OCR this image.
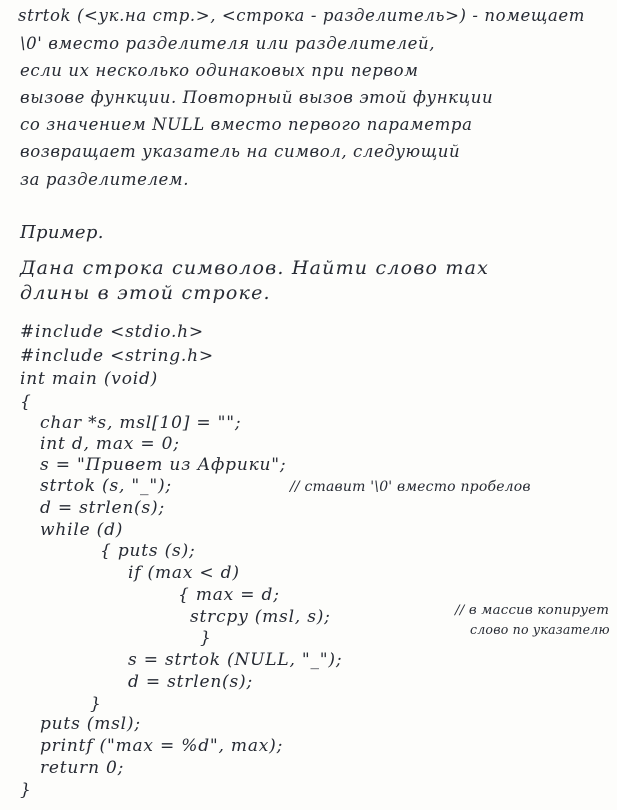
strtok (<ук.на стр.>, <строка - разделитель>) - помещает
\0' вместо разделителя или разделителей,
если их несколько одинаковых при первом
вызове функции. Повторный вызов этой функции
со значением NULL вместо первого параметра
возвращает указатель на символ, следующий
за разделителем.
Пример.
Дана строка символов. Найти слово max
длины в этой строке.
#include <stdio.h>
#include <string.h>
int main (void)
{
char *s, msl[10] = "";
int d, max = 0;
s = "Привет из Африки";
strtok (s, "_");	// ставит '\0' вместо пробелов
d = strlen(s);
while (d)
{ puts (s);
if (max < d)
{ max = d;
strcpy (msl, s);	// в массив копирует
слово по указателю
}
s = strtok (NULL, "_");
d = strlen(s);
}
puts (msl);
printf ("max = %d", max);
return 0;
}
